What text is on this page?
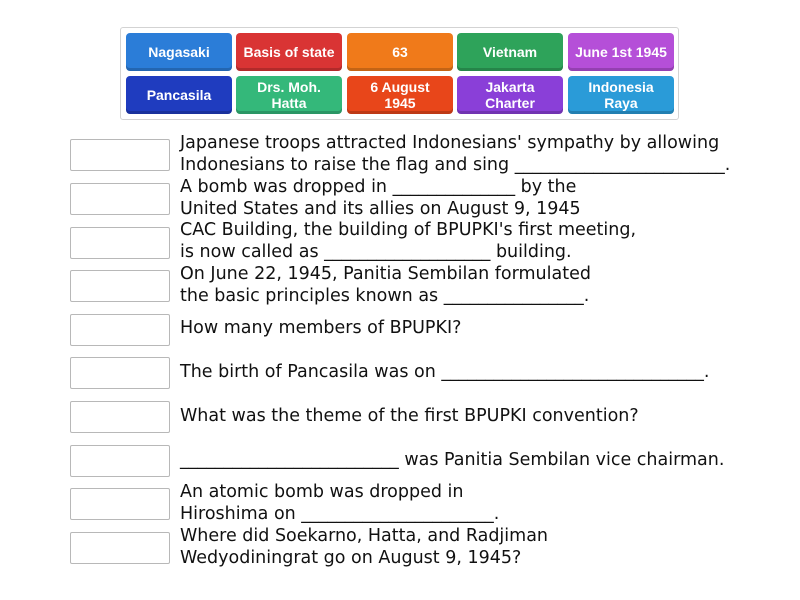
Nagasaki Basis of state	63	Vietnam	June 1st 1945
Pancasila	Drs. Moh.
Hatta
6 August
1945
Jakarta
Charter
Indonesia
Raya
Japanese troops attracted Indonesians' sympathy by allowing
Indonesians to raise the flag and sing ________________________.
A bomb was dropped in ______________ by the
United States and its allies on August 9, 1945
CAC Building, the building of BPUPKI's first meeting,
is now called as ___________________ building.
On June 22, 1945, Panitia Sembilan formulated
the basic principles known as ________________.
How many members of BPUPKI?
The birth of Pancasila was on ______________________________.
What was the theme of the first BPUPKI convention?
_________________________ was Panitia Sembilan vice chairman.
An atomic bomb was dropped in
Hiroshima on ______________________.
Where did Soekarno, Hatta, and Radjiman
Wedyodiningrat go on August 9, 1945?
